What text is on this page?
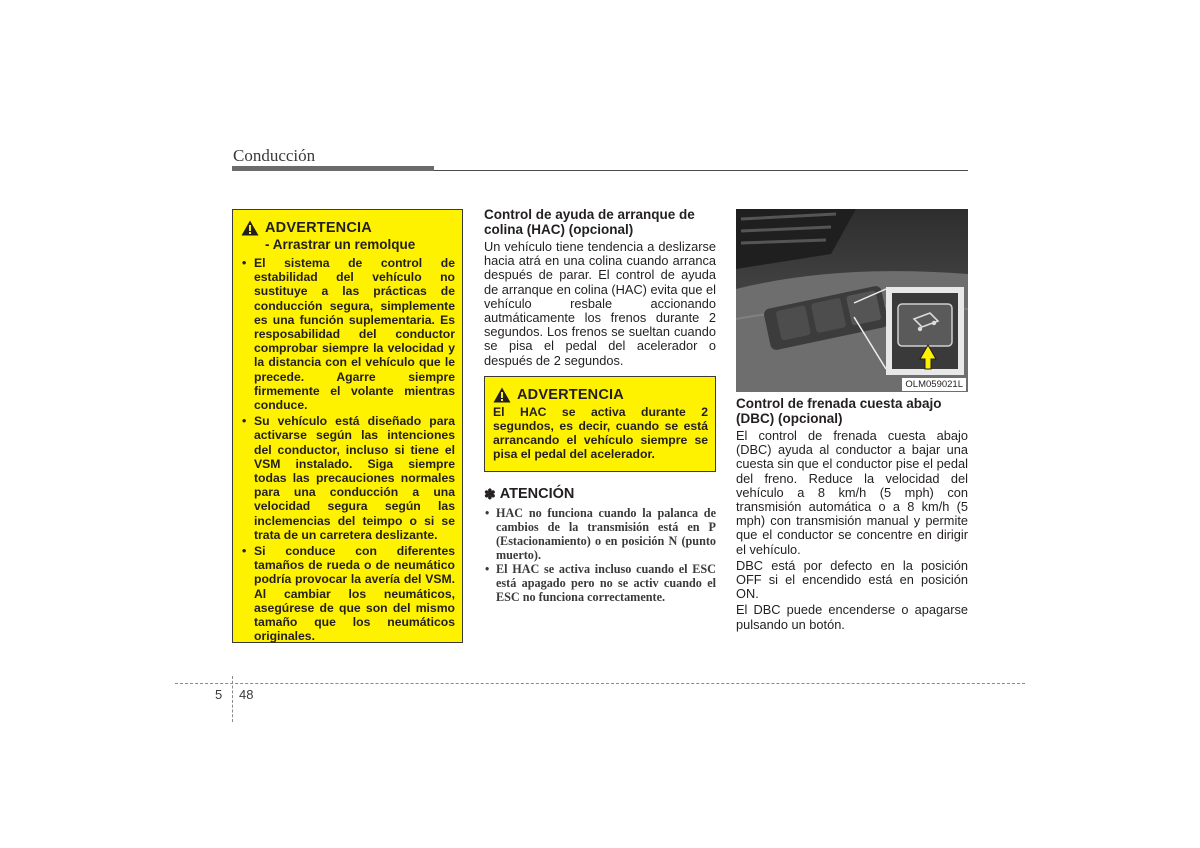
Conducción
ADVERTENCIA
- Arrastrar un remolque
• El sistema de control de estabilidad del vehículo no sustituye a las prácticas de conducción segura, simplemente es una función suplementaria. Es resposabilidad del conductor comprobar siempre la velocidad y la distancia con el vehículo que le precede. Agarre siempre firmemente el volante mientras conduce.
• Su vehículo está diseñado para activarse según las intenciones del conductor, incluso si tiene el VSM instalado. Siga siempre todas las precauciones normales para una conducción a una velocidad segura según las inclemencias del teimpo o si se trata de un carretera deslizante.
• Si conduce con diferentes tamaños de rueda o de neumático podría provocar la avería del VSM. Al cambiar los neumáticos, asegúrese de que son del mismo tamaño que los neumáticos originales.
Control de ayuda de arranque de colina (HAC) (opcional)

Un vehículo tiene tendencia a deslizarse hacia atrá en una colina cuando arranca después de parar. El control de ayuda de arranque en colina (HAC) evita que el vehículo resbale accionando autmáticamente los frenos durante 2 segundos. Los frenos se sueltan cuando se pisa el pedal del acelerador o después de 2 segundos.

ADVERTENCIA
El HAC se activa durante 2 segundos, es decir, cuando se está arrancando el vehículo siempre se pisa el pedal del acelerador.
✽ ATENCIÓN
• HAC no funciona cuando la palanca de cambios de la transmisión está en P (Estacionamiento) o en posición N (punto muerto).
• El HAC se activa incluso cuando el ESC está apagado pero no se activ cuando el ESC no funciona correctamente.
OLM059021L
Control de frenada cuesta abajo (DBC) (opcional)

El control de frenada cuesta abajo (DBC) ayuda al conductor a bajar una cuesta sin que el conductor pise el pedal del freno. Reduce la velocidad del vehículo a 8 km/h (5 mph) con transmisión automática o a 8 km/h (5 mph) con transmisión manual y permite que el conductor se concentre en dirigir el vehículo.

DBC está por defecto en la posición OFF si el encendido está en posición ON.

El DBC puede encenderse o apagarse pulsando un botón.

5 48
